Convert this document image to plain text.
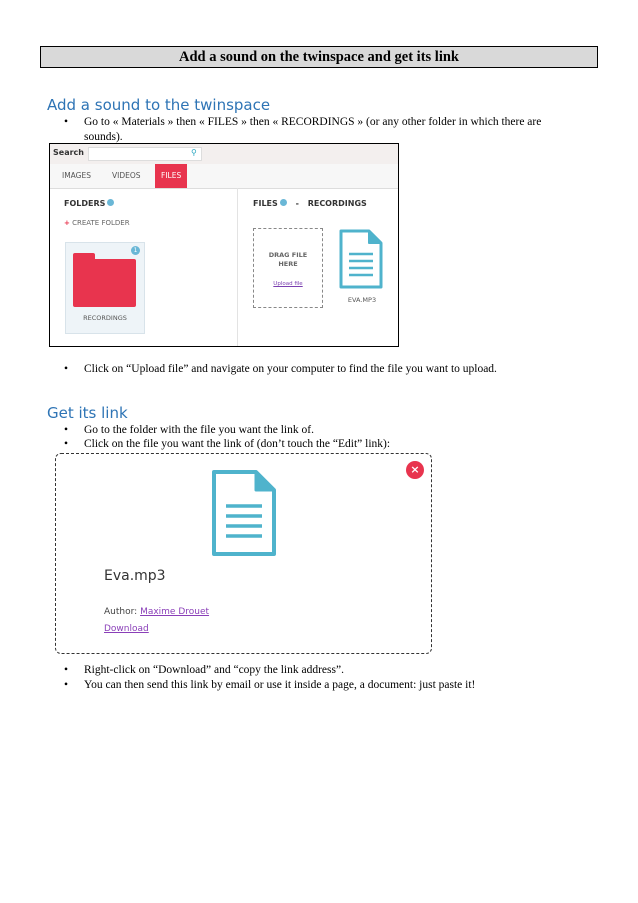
Add a sound on the twinspace and get its link
Add a sound to the twinspace
• Go to « Materials » then « FILES » then « RECORDINGS » (or any other folder in which there are sounds).
Search	⚲
IMAGES	VIDEOS	FILES
FOLDERS
+ CREATE FOLDER
1
RECORDINGS
FILES - RECORDINGS
DRAG FILE
HERE
Upload file
EVA.MP3
• Click on “Upload file” and navigate on your computer to find the file you want to upload.
Get its link
• Go to the folder with the file you want the link of.
• Click on the file you want the link of (don’t touch the “Edit” link):
×
Eva.mp3
Author: Maxime Drouet
Download
• Right-click on “Download” and “copy the link address”.
• You can then send this link by email or use it inside a page, a document: just paste it!
